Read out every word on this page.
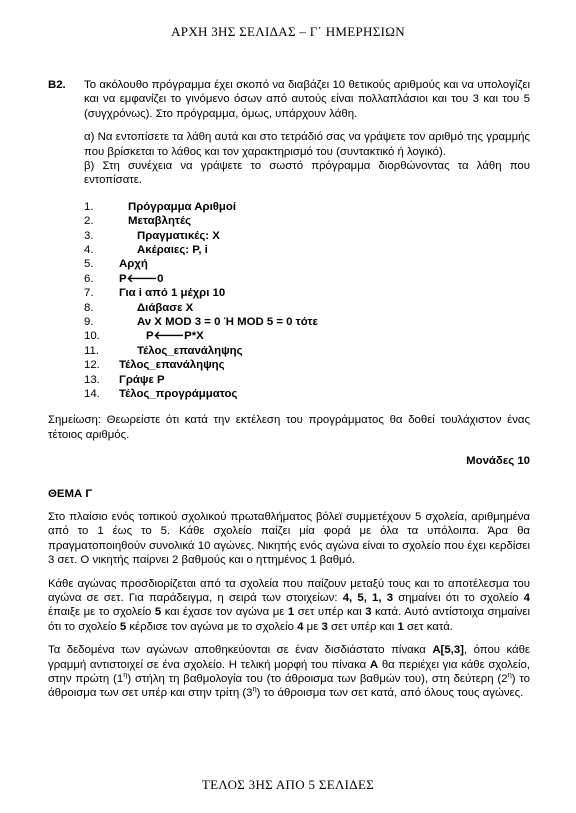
ΑΡΧΗ 3ΗΣ ΣΕΛΙΔΑΣ – Γ΄ ΗΜΕΡΗΣΙΩΝ
Β2.	Το ακόλουθο πρόγραμμα έχει σκοπό να διαβάζει 10 θετικούς αριθμούς και να υπολογίζει και να εμφανίζει το γινόμενο όσων από αυτούς είναι πολλαπλάσιοι και του 3 και του 5 (συγχρόνως). Στο πρόγραμμα, όμως, υπάρχουν λάθη.
α) Να εντοπίσετε τα λάθη αυτά και στο τετράδιό σας να γράψετε τον αριθμό της γραμμής που βρίσκεται το λάθος και τον χαρακτηρισμό του (συντακτικό ή λογικό).
β) Στη συνέχεια να γράψετε το σωστό πρόγραμμα διορθώνοντας τα λάθη που εντοπίσατε.
1.	Πρόγραμμα Αριθμοί
2.	Μεταβλητές
3.	Πραγματικές: Χ
4.	Ακέραιες: Ρ, i
5.	Αρχή
6.	Ρ🡐0
7.	Για i από 1 μέχρι 10
8.	Διάβασε Χ
9.	Αν Χ MOD 3 = 0 Ή MOD 5 = 0 τότε
10.	Ρ🡐Ρ*Χ
11.	Τέλος_επανάληψης
12.	Τέλος_επανάληψης
13.	Γράψε Ρ
14.	Τέλος_προγράμματος
Σημείωση: Θεωρείστε ότι κατά την εκτέλεση του προγράμματος θα δοθεί τουλάχιστον ένας τέτοιος αριθμός.
Μονάδες 10
ΘΕΜΑ Γ
Στο πλαίσιο ενός τοπικού σχολικού πρωταθλήματος βόλεϊ συμμετέχουν 5 σχολεία, αριθμημένα από το 1 έως το 5. Κάθε σχολείο παίζει μία φορά με όλα τα υπόλοιπα. Άρα θα πραγματοποιηθούν συνολικά 10 αγώνες. Νικητής ενός αγώνα είναι το σχολείο που έχει κερδίσει 3 σετ. Ο νικητής παίρνει 2 βαθμούς και ο ηττημένος 1 βαθμό.
Κάθε αγώνας προσδιορίζεται από τα σχολεία που παίζουν μεταξύ τους και το αποτέλεσμα του αγώνα σε σετ. Για παράδειγμα, η σειρά των στοιχείων: 4, 5, 1, 3 σημαίνει ότι το σχολείο 4 έπαιξε με το σχολείο 5 και έχασε τον αγώνα με 1 σετ υπέρ και 3 κατά. Αυτό αντίστοιχα σημαίνει ότι το σχολείο 5 κέρδισε τον αγώνα με το σχολείο 4 με 3 σετ υπέρ και 1 σετ κατά.
Τα δεδομένα των αγώνων αποθηκεύονται σε έναν δισδιάστατο πίνακα Α[5,3], όπου κάθε γραμμή αντιστοιχεί σε ένα σχολείο. Η τελική μορφή του πίνακα Α θα περιέχει για κάθε σχολείο, στην πρώτη $(1^\eta)$ στήλη τη βαθμολογία του (το άθροισμα των βαθμών του), στη δεύτερη $(2^\eta)$ το άθροισμα των σετ υπέρ και στην τρίτη $(3^\eta)$ το άθροισμα των σετ κατά, από όλους τους αγώνες.
ΤΕΛΟΣ 3ΗΣ ΑΠΟ 5 ΣΕΛΙΔΕΣ
